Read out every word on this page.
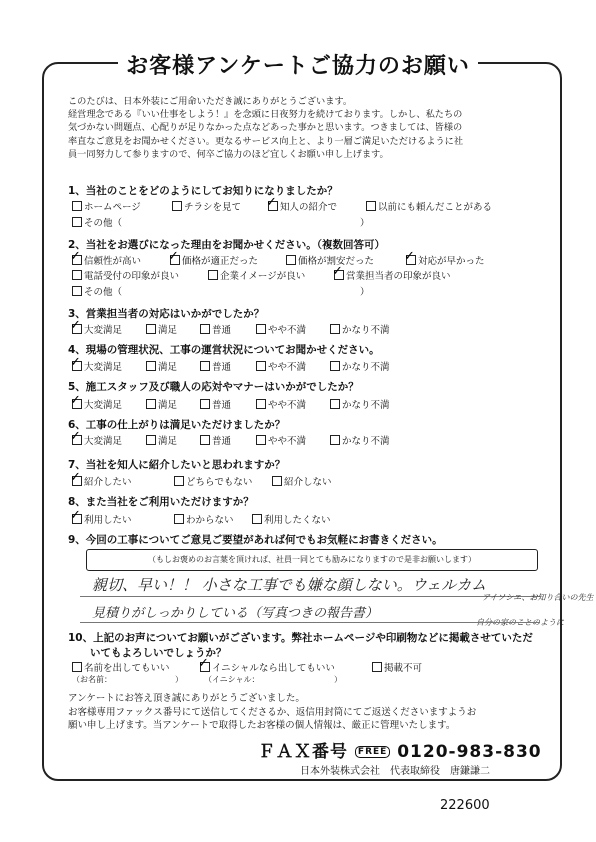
お客様アンケートご協力のお願い
このたびは、日本外装にご用命いただき誠にありがとうございます。
経営理念である『いい仕事をしよう！』を念頭に日夜努力を続けております。しかし、私たちの
気づかない問題点、心配りが足りなかった点などあった事かと思います。つきましては、皆様の
率直なご意見をお聞かせください。更なるサービス向上と、より一層ご満足いただけるように社
員一同努力して参りますので、何卒ご協力のほど宜しくお願い申し上げます。
1、当社のことをどのようにしてお知りになりましたか？
ホームページ	チラシを見て ✓	知人の紹介で	以前にも頼んだことがある
その他（	）
2、当社をお選びになった理由をお聞かせください。（複数回答可）
✓信頼性が高い ✓	価格が適正だった	価格が割安だった ✓	対応が早かった
電話受付の印象が良い	企業イメージが良い ✓	営業担当者の印象が良い
その他（	）
3、営業担当者の対応はいかがでしたか？
✓大変満足	満足	普通	やや不満	かなり不満
4、現場の管理状況、工事の運営状況についてお聞かせください。
✓大変満足	満足	普通	やや不満	かなり不満
5、施工スタッフ及び職人の応対やマナーはいかがでしたか？
✓大変満足	満足	普通	やや不満	かなり不満
6、工事の仕上がりは満足いただけましたか？
✓大変満足	満足	普通	やや不満	かなり不満
7、当社を知人に紹介したいと思われますか？
✓紹介したい	どちらでもない	紹介しない
8、また当社をご利用いただけますか？
✓利用したい	わからない	利用したくない
9、今回の工事についてご意見ご要望があれば何でもお気軽にお書きください。
（もしお褒めのお言葉を頂ければ、社員一同とても励みになりますので是非お願いします）
親切、早い！！ 小さな工事でも嫌な顔しない。ウェルカム
アイソシエ、お知り合いの先生
見積りがしっかりしている（写真つきの報告書）
自分の家のことのように
10、上記のお声についてお願いがございます。弊社ホームページや印刷物などに掲載させていただ
いてもよろしいでしょうか？
名前を出してもいい ✓	イニシャルなら出してもいい	掲載不可
（お名前：	）	（イニシャル：	）
アンケートにお答え頂き誠にありがとうございました。
お客様専用ファックス番号にて送信してくださるか、返信用封筒にてご返送くださいますようお
願い申し上げます。当アンケートで取得したお客様の個人情報は、厳正に管理いたします。
ＦＡＸ番号 FREE 0120-983-830
日本外装株式会社　代表取締役　唐鎌謙二
222600
